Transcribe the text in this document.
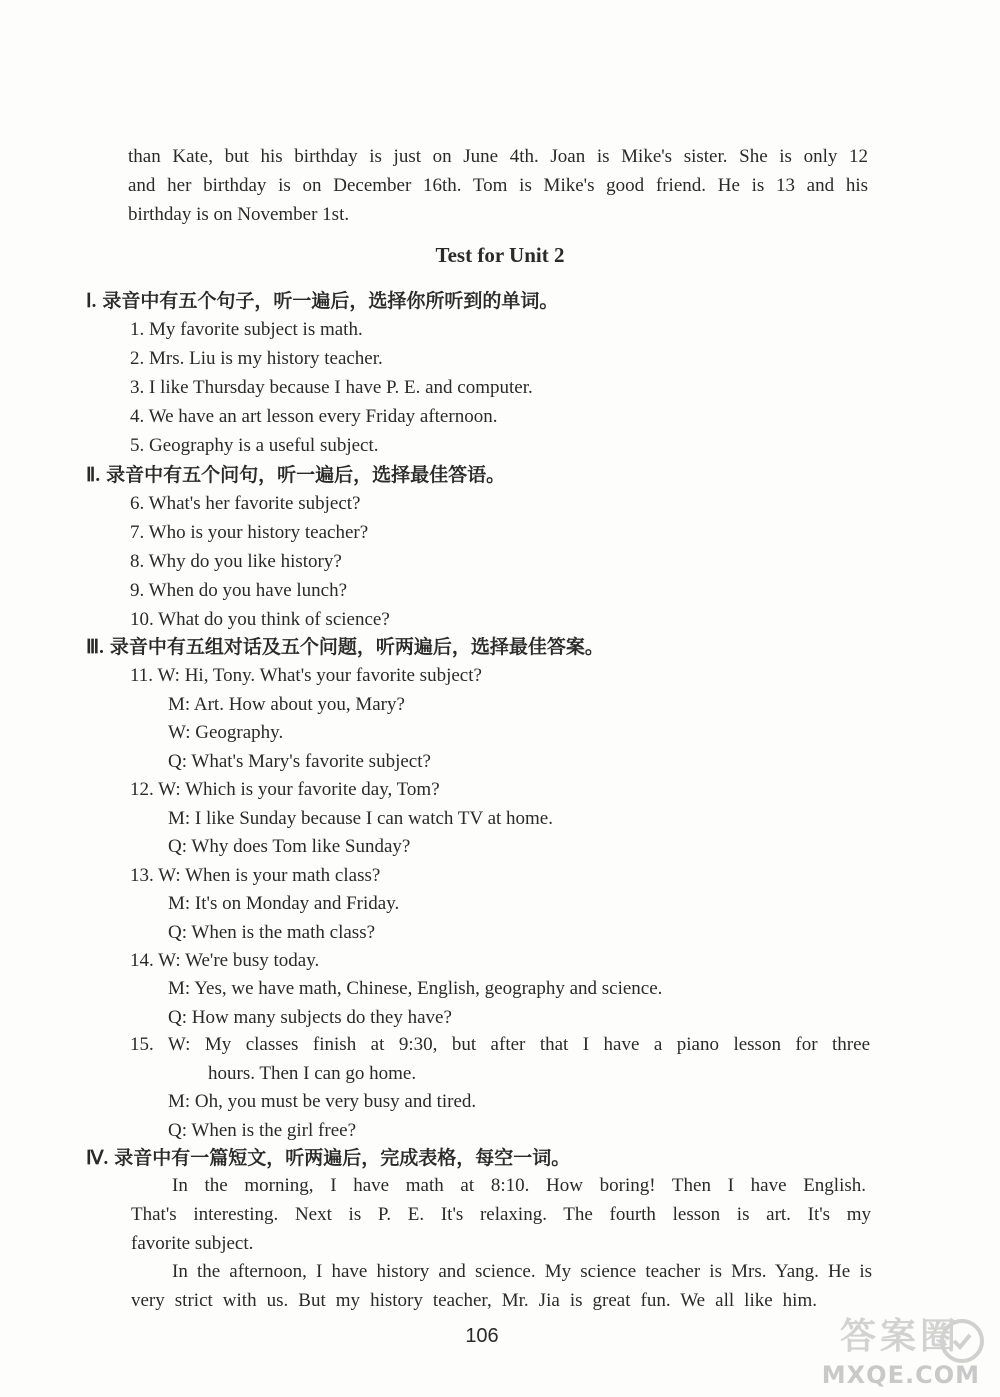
than Kate, but his birthday is just on June 4th. Joan is Mike's sister. She is only 12
and her birthday is on December 16th. Tom is Mike's good friend. He is 13 and his
birthday is on November 1st.
Test for Unit 2
Ⅰ. 录音中有五个句子，听一遍后，选择你所听到的单词。
1. My favorite subject is math.
2. Mrs. Liu is my history teacher.
3. I like Thursday because I have P. E. and computer.
4. We have an art lesson every Friday afternoon.
5. Geography is a useful subject.
Ⅱ. 录音中有五个问句，听一遍后，选择最佳答语。
6. What's her favorite subject?
7. Who is your history teacher?
8. Why do you like history?
9. When do you have lunch?
10. What do you think of science?
Ⅲ. 录音中有五组对话及五个问题，听两遍后，选择最佳答案。
11. W: Hi, Tony. What's your favorite subject?
M: Art. How about you, Mary?
W: Geography.
Q: What's Mary's favorite subject?
12. W: Which is your favorite day, Tom?
M: I like Sunday because I can watch TV at home.
Q: Why does Tom like Sunday?
13. W: When is your math class?
M: It's on Monday and Friday.
Q: When is the math class?
14. W: We're busy today.
M: Yes, we have math, Chinese, English, geography and science.
Q: How many subjects do they have?
15. W: My classes finish at 9:30, but after that I have a piano lesson for three
hours. Then I can go home.
M: Oh, you must be very busy and tired.
Q: When is the girl free?
Ⅳ. 录音中有一篇短文，听两遍后，完成表格，每空一词。
In the morning, I have math at 8:10. How boring! Then I have English.
That's interesting. Next is P. E. It's relaxing. The fourth lesson is art. It's my
favorite subject.
In the afternoon, I have history and science. My science teacher is Mrs. Yang. He is
very strict with us. But my history teacher, Mr. Jia is great fun. We all like him.
106	答案圈
MXQE.COM
